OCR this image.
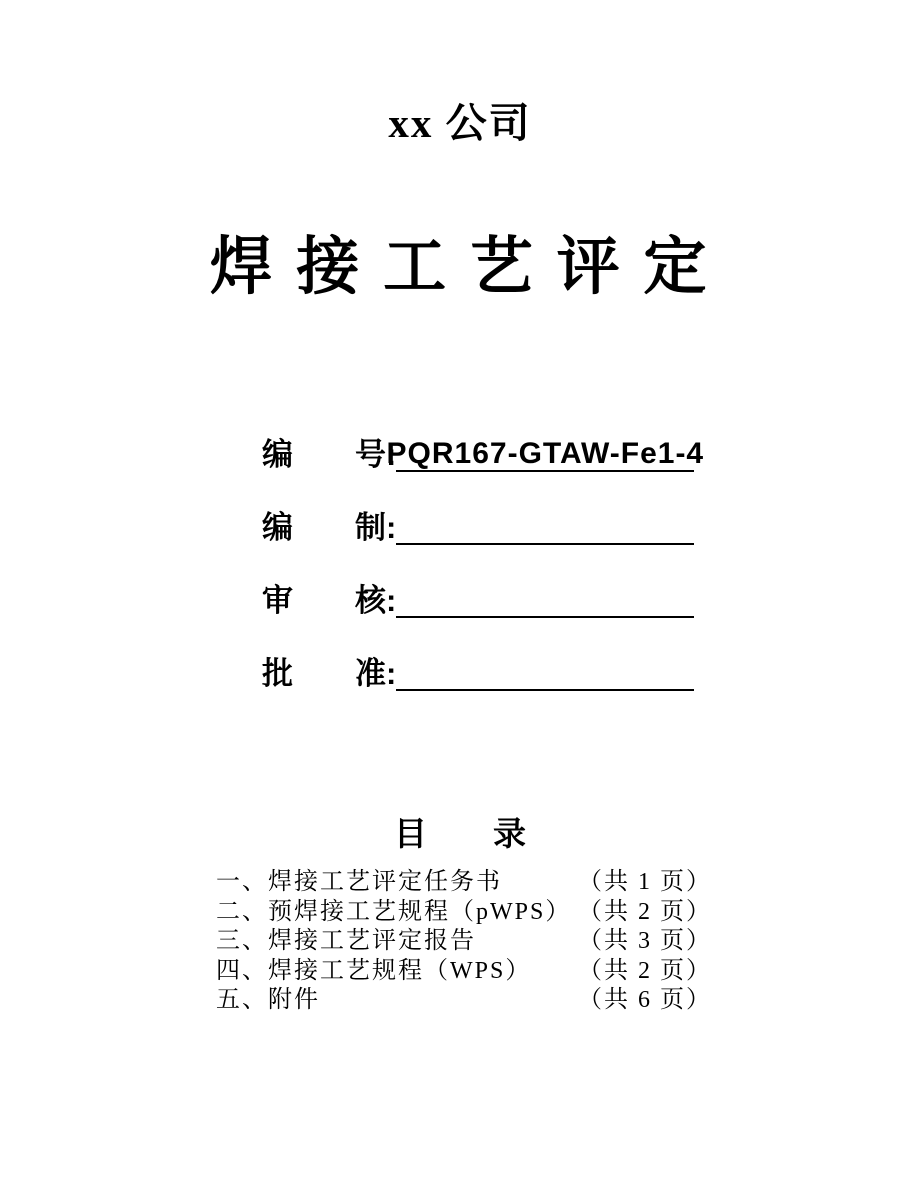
xx 公司
焊 接 工 艺 评 定
编　　号:
PQR167-GTAW-Fe1-4
编　　制:
审　　核:
批　　准:
目　　录
一、焊接工艺评定任务书	（共 1 页）
二、预焊接工艺规程（pWPS） （共 2 页）
三、焊接工艺评定报告	（共 3 页）
四、焊接工艺规程（WPS） （共 2 页）
五、附件	（共 6 页）
